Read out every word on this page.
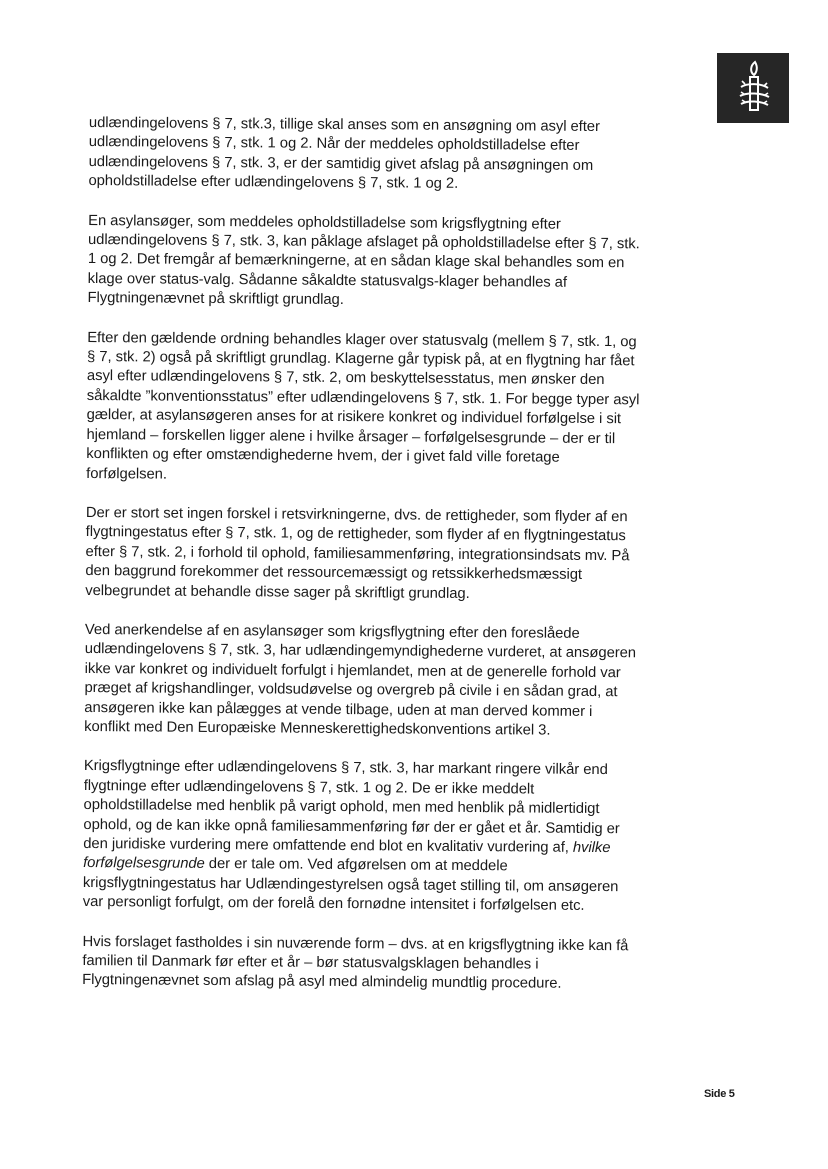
udlændingelovens § 7, stk.3, tillige skal anses som en ansøgning om asyl efter udlændingelovens § 7, stk. 1 og 2. Når der meddeles opholdstilladelse efter udlændingelovens § 7, stk. 3, er der samtidig givet afslag på ansøgningen om opholdstilladelse efter udlændingelovens § 7, stk. 1 og 2.

En asylansøger, som meddeles opholdstilladelse som krigsflygtning efter udlændingelovens § 7, stk. 3, kan påklage afslaget på opholdstilladelse efter § 7, stk. 1 og 2. Det fremgår af bemærkningerne, at en sådan klage skal behandles som en klage over status-valg. Sådanne såkaldte statusvalgs-klager behandles af Flygtningenævnet på skriftligt grundlag.

Efter den gældende ordning behandles klager over statusvalg (mellem § 7, stk. 1, og § 7, stk. 2) også på skriftligt grundlag. Klagerne går typisk på, at en flygtning har fået asyl efter udlændingelovens § 7, stk. 2, om beskyttelsesstatus, men ønsker den såkaldte ”konventionsstatus” efter udlændingelovens § 7, stk. 1. For begge typer asyl gælder, at asylansøgeren anses for at risikere konkret og individuel forfølgelse i sit hjemland – forskellen ligger alene i hvilke årsager – forfølgelsesgrunde – der er til konflikten og efter omstændighederne hvem, der i givet fald ville foretage forfølgelsen.

Der er stort set ingen forskel i retsvirkningerne, dvs. de rettigheder, som flyder af en flygtningestatus efter § 7, stk. 1, og de rettigheder, som flyder af en flygtningestatus efter § 7, stk. 2, i forhold til ophold, familiesammenføring, integrationsindsats mv. På den baggrund forekommer det ressourcemæssigt og retssikkerhedsmæssigt velbegrundet at behandle disse sager på skriftligt grundlag.

Ved anerkendelse af en asylansøger som krigsflygtning efter den foreslåede udlændingelovens § 7, stk. 3, har udlændingemyndighederne vurderet, at ansøgeren ikke var konkret og individuelt forfulgt i hjemlandet, men at de generelle forhold var præget af krigshandlinger, voldsudøvelse og overgreb på civile i en sådan grad, at ansøgeren ikke kan pålægges at vende tilbage, uden at man derved kommer i konflikt med Den Europæiske Menneskerettighedskonventions artikel 3.

Krigsflygtninge efter udlændingelovens § 7, stk. 3, har markant ringere vilkår end flygtninge efter udlændingelovens § 7, stk. 1 og 2. De er ikke meddelt opholdstilladelse med henblik på varigt ophold, men med henblik på midlertidigt ophold, og de kan ikke opnå familiesammenføring før der er gået et år. Samtidig er den juridiske vurdering mere omfattende end blot en kvalitativ vurdering af, hvilke forfølgelsesgrunde der er tale om. Ved afgørelsen om at meddele krigsflygtningestatus har Udlændingestyrelsen også taget stilling til, om ansøgeren var personligt forfulgt, om der forelå den fornødne intensitet i forfølgelsen etc.

Hvis forslaget fastholdes i sin nuværende form – dvs. at en krigsflygtning ikke kan få familien til Danmark før efter et år – bør statusvalgsklagen behandles i Flygtningenævnet som afslag på asyl med almindelig mundtlig procedure.

Side 5
